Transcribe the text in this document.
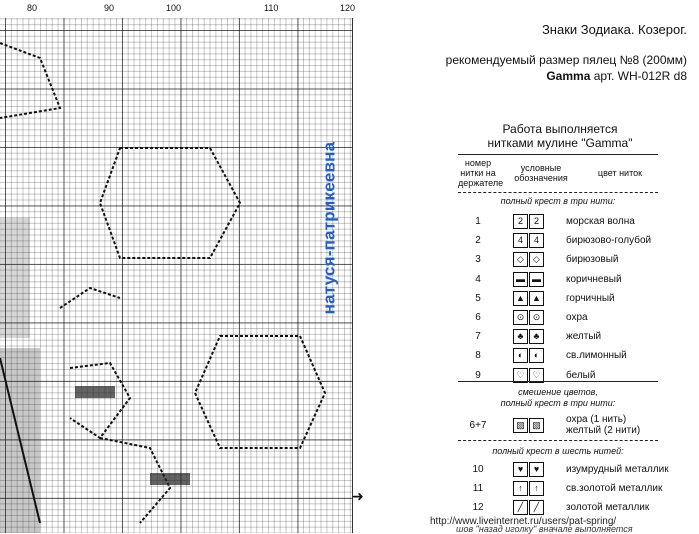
натуся-патрикеевна
80	90	100	110	120
➜
Знаки Зодиака. Козерог.
рекомендуемый размер пялец №8 (200мм)
Gamma арт. WH-012R d8
Работа выполняется
нитками мулине "Gamma"
номер нитки на держателе
условные обозначения	цвет ниток
полный крест в три нити:
1	2	2	морская волна
2	4	4	бирюзово-голубой
3	◇	◇	бирюзовый
4	▬ ▬	коричневый
5	▲ ▲	горчичный
6	⊙ ⊙	охра
7	♣	♣	желтый
8	◐	◐	св.лимонный
9	♡ ♡	белый
смешение цветов,
полный крест в три нити:
6+7	▧ ▧	охра (1 нить)
желтый (2 нити)
полный крест в шесть нитей:
10	♥	♥	изумрудный металлик
11	↑	↑	св.золотой металлик
12	╱	╱	золотой металлик
шов "назад иголку" вначале выполняется
http://www.liveinternet.ru/users/pat-spring/
